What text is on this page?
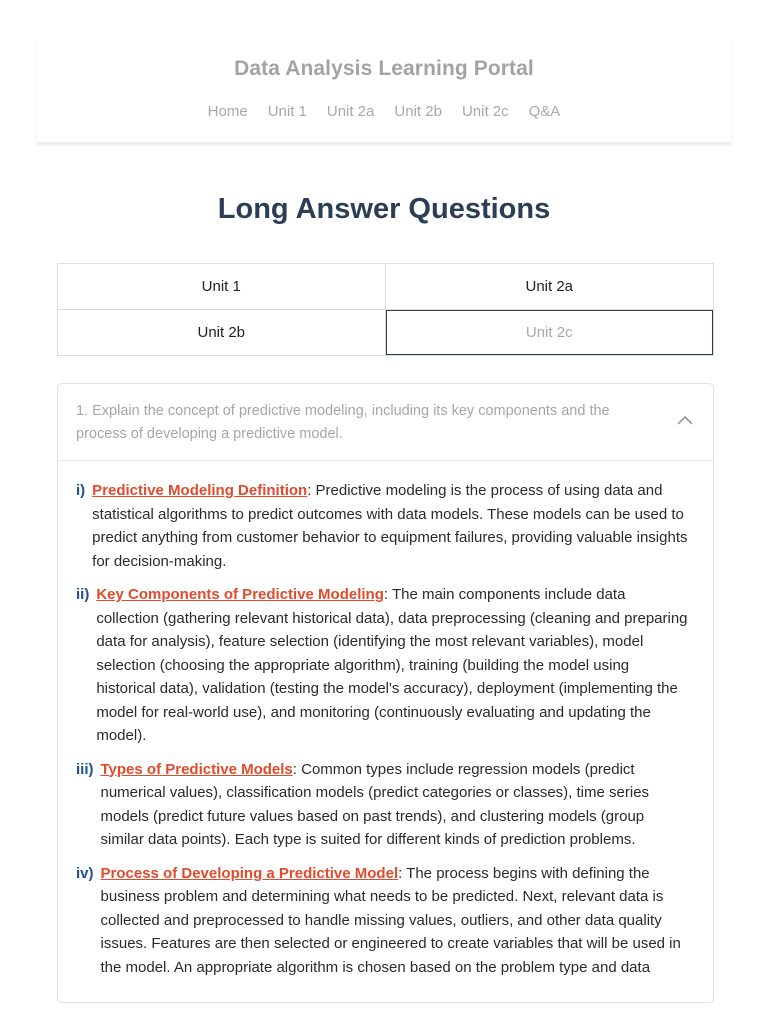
Data Analysis Learning Portal
Home Unit 1 Unit 2a Unit 2b Unit 2c Q&A
Long Answer Questions
Unit 1	Unit 2a
Unit 2b	Unit 2c
1. Explain the concept of predictive modeling, including its key components and the process of developing a predictive model.
i) Predictive Modeling Definition: Predictive modeling is the process of using data and statistical algorithms to predict outcomes with data models. These models can be used to predict anything from customer behavior to equipment failures, providing valuable insights for decision-making.
ii) Key Components of Predictive Modeling: The main components include data collection (gathering relevant historical data), data preprocessing (cleaning and preparing data for analysis), feature selection (identifying the most relevant variables), model selection (choosing the appropriate algorithm), training (building the model using historical data), validation (testing the model's accuracy), deployment (implementing the model for real-world use), and monitoring (continuously evaluating and updating the model).
iii) Types of Predictive Models: Common types include regression models (predict numerical values), classification models (predict categories or classes), time series models (predict future values based on past trends), and clustering models (group similar data points). Each type is suited for different kinds of prediction problems.
iv) Process of Developing a Predictive Model: The process begins with defining the business problem and determining what needs to be predicted. Next, relevant data is collected and preprocessed to handle missing values, outliers, and other data quality issues. Features are then selected or engineered to create variables that will be used in the model. An appropriate algorithm is chosen based on the problem type and data
